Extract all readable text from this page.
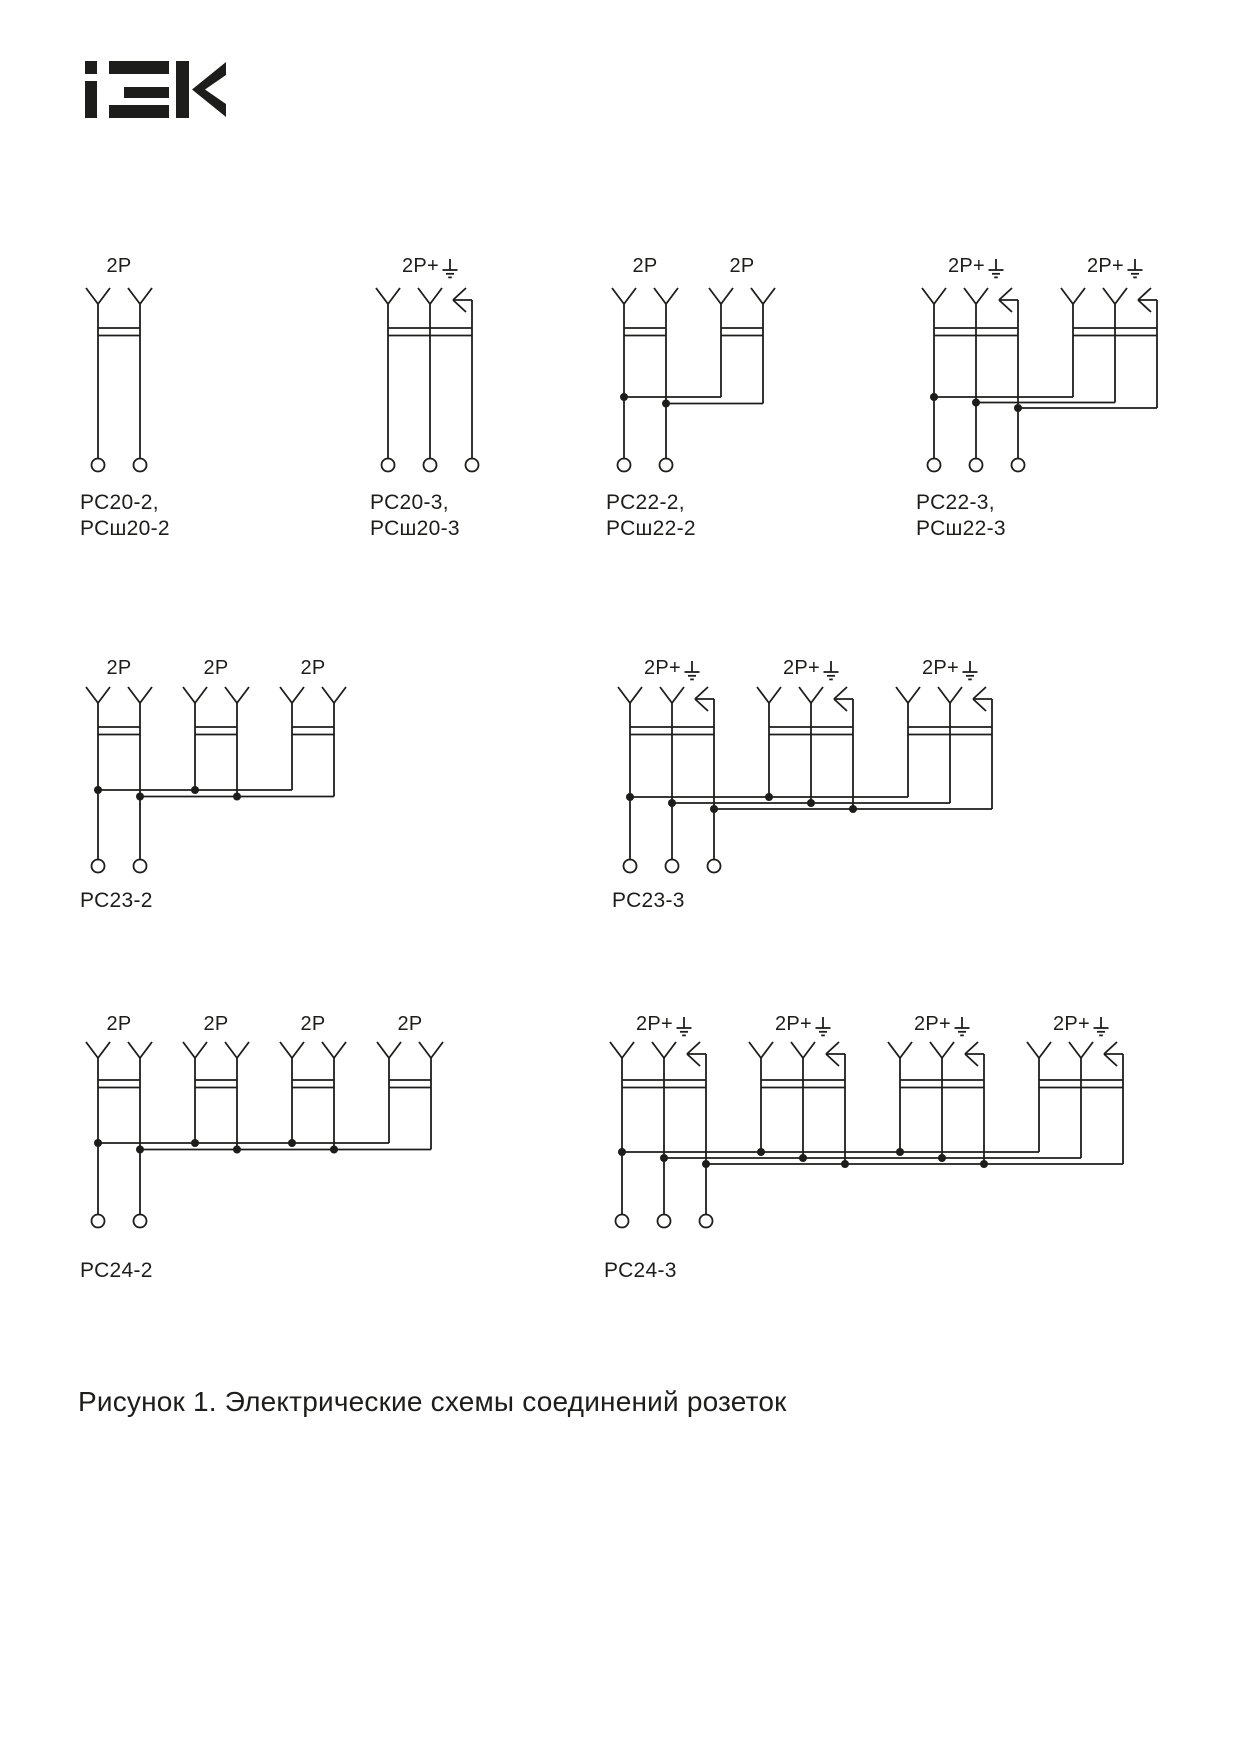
Рисунок 1. Электрические схемы соединений розеток
2P
РС20-2,
РСш20-2
2P+
РС20-3,
РСш20-3
2P	2P
РС22-2,
РСш22-2
2P+	2P+
РС22-3,
РСш22-3
2P	2P	2P
РС23-2
2P+	2P+	2P+
РС23-3
2P	2P	2P	2P
РС24-2
2P+	2P+	2P+	2P+
РС24-3
